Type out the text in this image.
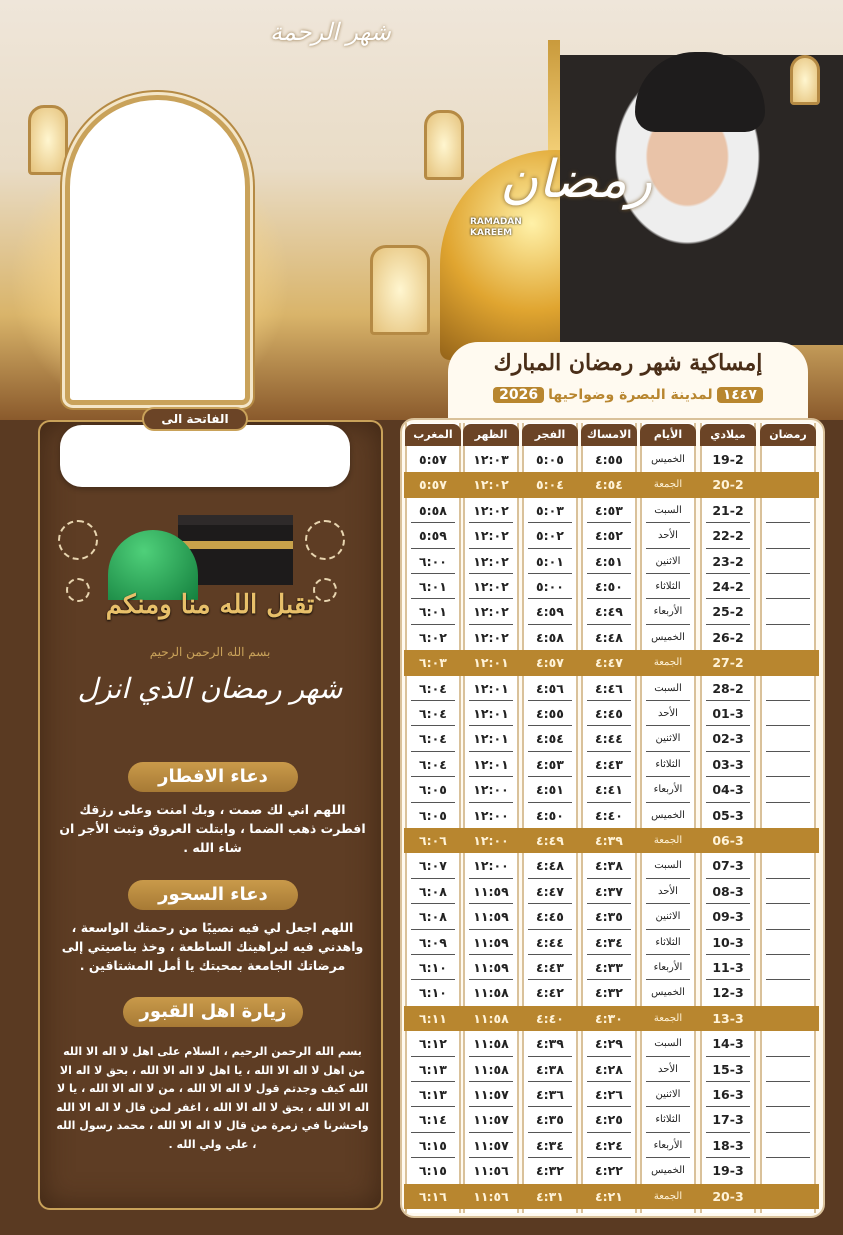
رمضان
RAMADAN
KAREEM
شهر الرحمة
الفاتحة الى
تقبل الله منا ومنكم
بسم الله الرحمن الرحيم
شهر رمضان الذي انزل
دعاء الافطار
اللهم اني لك صمت ، وبك امنت وعلى رزقك افطرت ذهب الضما ، وابتلت العروق وثبت الأجر ان شاء الله .
دعاء السحور
اللهم اجعل لي فيه نصيبًا من رحمتك الواسعة ، واهدني فيه لبراهينك الساطعة ، وخذ بناصيتي إلى مرضاتك الجامعة بمحبتك يا أمل المشتاقين .
زيارة اهل القبور
بسم الله الرحمن الرحيم ، السلام على اهل لا اله الا الله من اهل لا اله الا الله ، يا اهل لا اله الا الله ، بحق لا اله الا الله كيف وجدتم قول لا اله الا الله ، من لا اله الا الله ، يا لا اله الا الله ، بحق لا اله الا الله ، اغفر لمن قال لا اله الا الله واحشرنا في زمرة من قال لا اله الا الله ، محمد رسول الله ، علي ولي الله .
إمساكية شهر رمضان المبارك
١٤٤٧لمدينة البصرة وضواحيها2026
رمضان
ميلادي
الأيام
الامساك
الفجر
الظهر
المغرب
19-2
الخميس
٤:٥٥
٥:٠٥
١٢:٠٣
٥:٥٧
20-2
الجمعة
٤:٥٤
٥:٠٤
١٢:٠٢
٥:٥٧
21-2
السبت
٤:٥٣
٥:٠٣
١٢:٠٢
٥:٥٨
22-2
الأحد
٤:٥٢
٥:٠٢
١٢:٠٢
٥:٥٩
23-2
الاثنين
٤:٥١
٥:٠١
١٢:٠٢
٦:٠٠
24-2
الثلاثاء
٤:٥٠
٥:٠٠
١٢:٠٢
٦:٠١
25-2
الأربعاء
٤:٤٩
٤:٥٩
١٢:٠٢
٦:٠١
26-2
الخميس
٤:٤٨
٤:٥٨
١٢:٠٢
٦:٠٢
27-2
الجمعة
٤:٤٧
٤:٥٧
١٢:٠١
٦:٠٣
28-2
السبت
٤:٤٦
٤:٥٦
١٢:٠١
٦:٠٤
01-3
الأحد
٤:٤٥
٤:٥٥
١٢:٠١
٦:٠٤
02-3
الاثنين
٤:٤٤
٤:٥٤
١٢:٠١
٦:٠٤
03-3
الثلاثاء
٤:٤٣
٤:٥٣
١٢:٠١
٦:٠٤
04-3
الأربعاء
٤:٤١
٤:٥١
١٢:٠٠
٦:٠٥
05-3
الخميس
٤:٤٠
٤:٥٠
١٢:٠٠
٦:٠٥
06-3
الجمعة
٤:٣٩
٤:٤٩
١٢:٠٠
٦:٠٦
07-3
السبت
٤:٣٨
٤:٤٨
١٢:٠٠
٦:٠٧
08-3
الأحد
٤:٣٧
٤:٤٧
١١:٥٩
٦:٠٨
09-3
الاثنين
٤:٣٥
٤:٤٥
١١:٥٩
٦:٠٨
10-3
الثلاثاء
٤:٣٤
٤:٤٤
١١:٥٩
٦:٠٩
11-3
الأربعاء
٤:٣٣
٤:٤٣
١١:٥٩
٦:١٠
12-3
الخميس
٤:٣٢
٤:٤٢
١١:٥٨
٦:١٠
13-3
الجمعة
٤:٣٠
٤:٤٠
١١:٥٨
٦:١١
14-3
السبت
٤:٢٩
٤:٣٩
١١:٥٨
٦:١٢
15-3
الأحد
٤:٢٨
٤:٣٨
١١:٥٨
٦:١٣
16-3
الاثنين
٤:٢٦
٤:٣٦
١١:٥٧
٦:١٣
17-3
الثلاثاء
٤:٢٥
٤:٣٥
١١:٥٧
٦:١٤
18-3
الأربعاء
٤:٢٤
٤:٣٤
١١:٥٧
٦:١٥
19-3
الخميس
٤:٢٢
٤:٣٢
١١:٥٦
٦:١٥
20-3
الجمعة
٤:٢١
٤:٣١
١١:٥٦
٦:١٦
